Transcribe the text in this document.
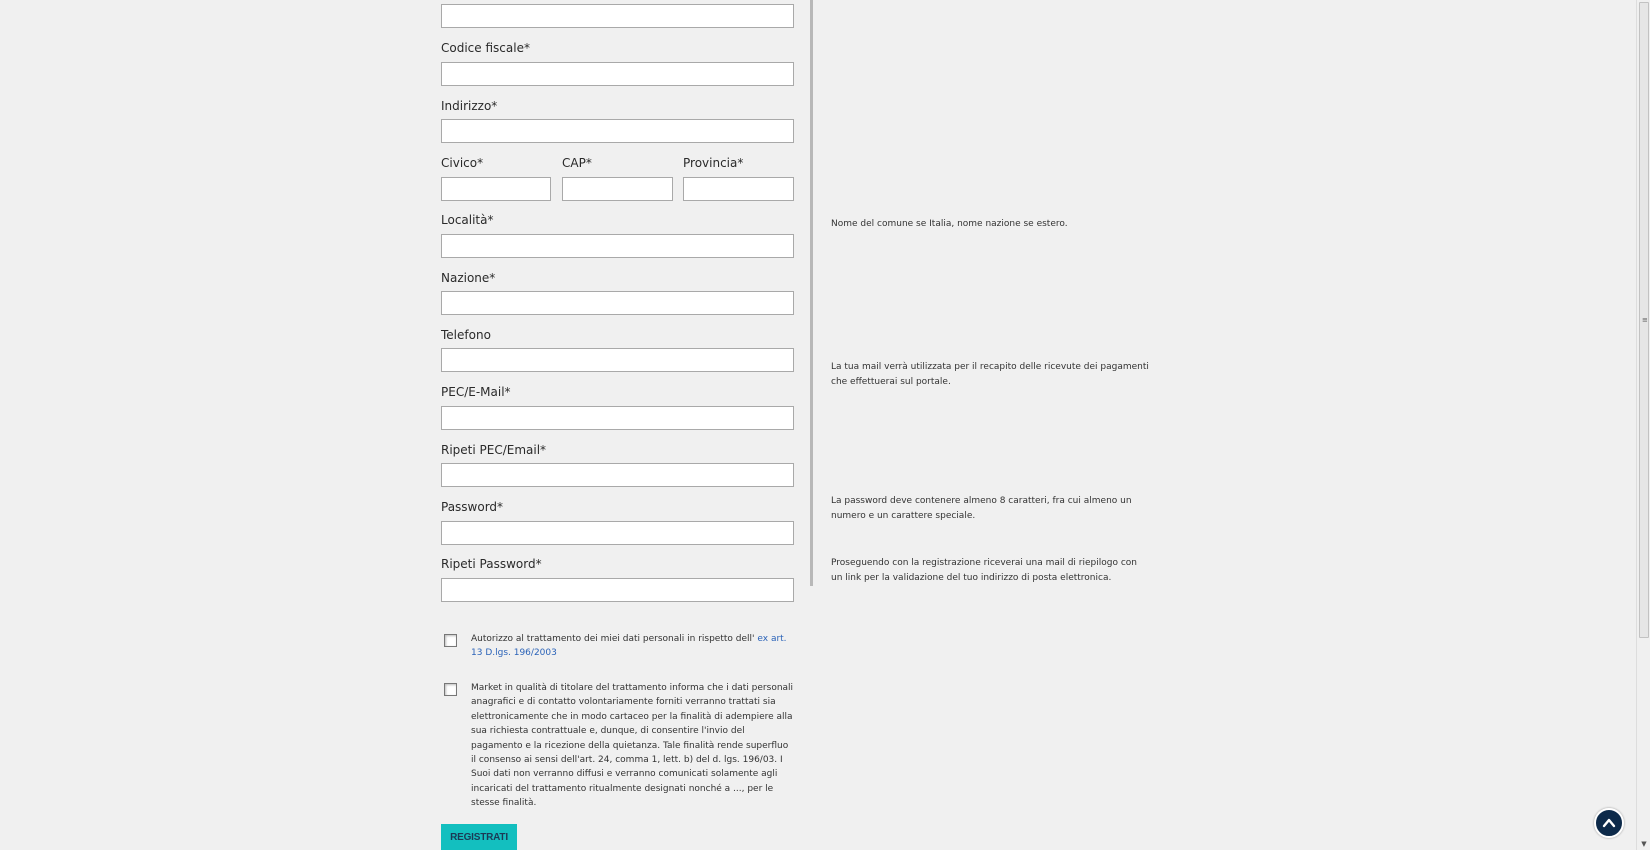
Codice fiscale*
Indirizzo*
Civico*	CAP*	Provincia*
Località*
Nazione*
Telefono
PEC/E-Mail*
Ripeti PEC/Email*
Password*
Ripeti Password*
Nome del comune se Italia, nome nazione se estero.
La tua mail verrà utilizzata per il recapito delle ricevute dei pagamenti che effettuerai sul portale.
La password deve contenere almeno 8 caratteri, fra cui almeno un numero e un carattere speciale.
Proseguendo con la registrazione riceverai una mail di riepilogo con un link per la validazione del tuo indirizzo di posta elettronica.
Autorizzo al trattamento dei miei dati personali in rispetto dell' ex art. 13 D.lgs. 196/2003
Market in qualità di titolare del trattamento informa che i dati personali anagrafici e di contatto volontariamente forniti verranno trattati sia elettronicamente che in modo cartaceo per la finalità di adempiere alla sua richiesta contrattuale e, dunque, di consentire l'invio del pagamento e la ricezione della quietanza. Tale finalità rende superfluo il consenso ai sensi dell'art. 24, comma 1, lett. b) del d. lgs. 196/03. I Suoi dati non verranno diffusi e verranno comunicati solamente agli incaricati del trattamento ritualmente designati nonché a ..., per le stesse finalità.
REGISTRATI
≡
▼
